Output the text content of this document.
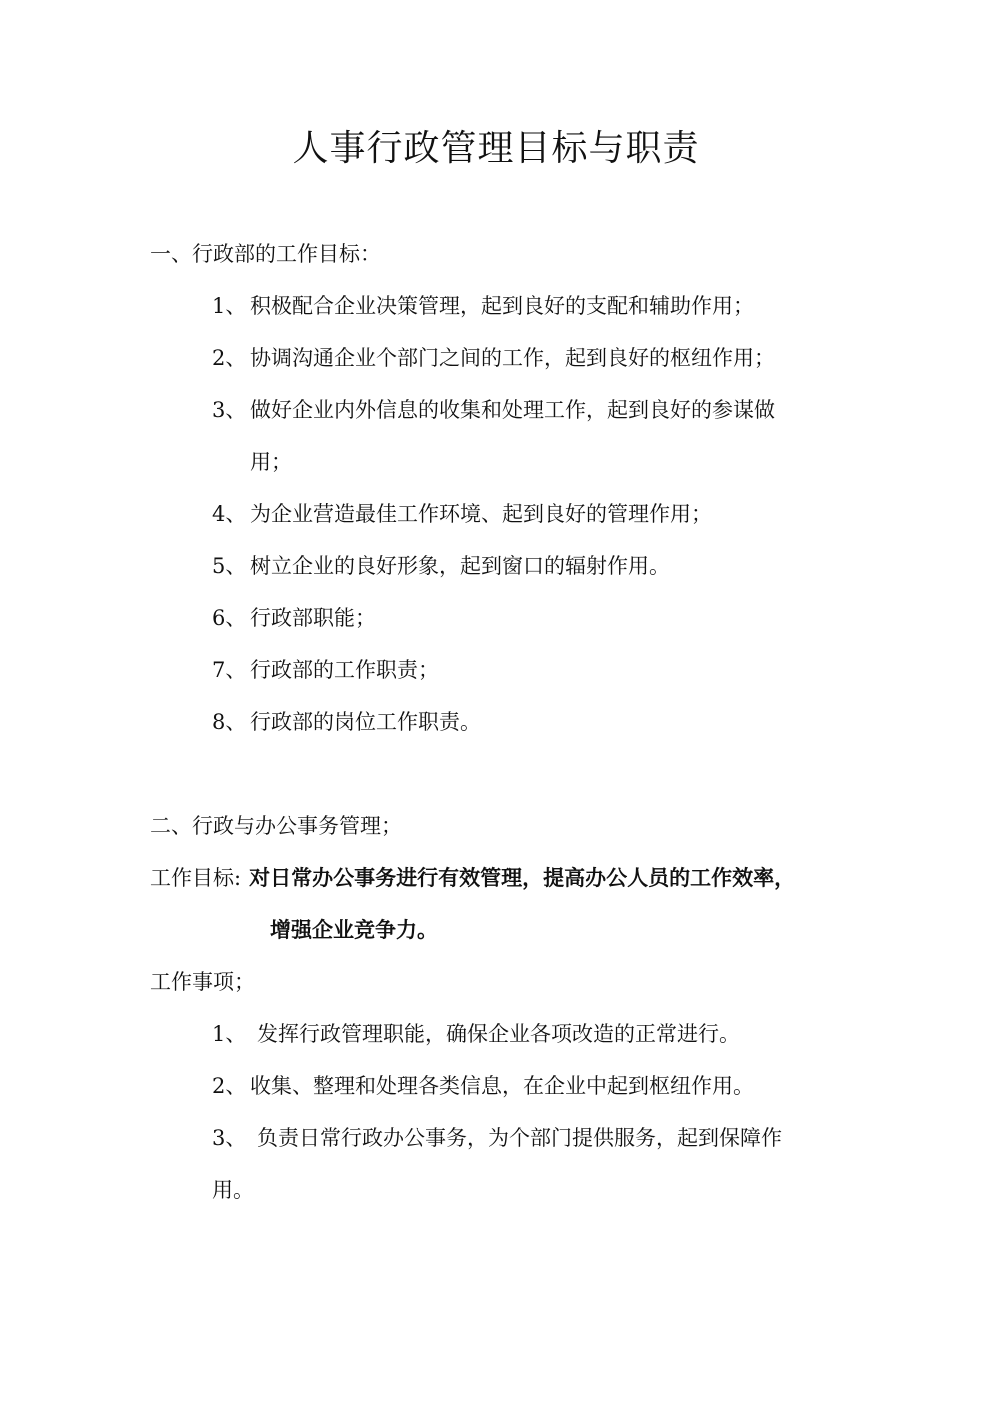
人事行政管理目标与职责

一、行政部的工作目标：

1、 积极配合企业决策管理，起到良好的支配和辅助作用；

2、 协调沟通企业个部门之间的工作，起到良好的枢纽作用；

3、 做好企业内外信息的收集和处理工作，起到良好的参谋做

用；

4、 为企业营造最佳工作环境、起到良好的管理作用；

5、 树立企业的良好形象，起到窗口的辐射作用。

6、 行政部职能；

7、 行政部的工作职责；

8、 行政部的岗位工作职责。

二、行政与办公事务管理；

工作目标: 对日常办公事务进行有效管理，提高办公人员的工作效率，

增强企业竞争力。

工作事项；

1、 发挥行政管理职能，确保企业各项改造的正常进行。

2、 收集、整理和处理各类信息，在企业中起到枢纽作用。

3、 负责日常行政办公事务，为个部门提供服务，起到保障作

用。
